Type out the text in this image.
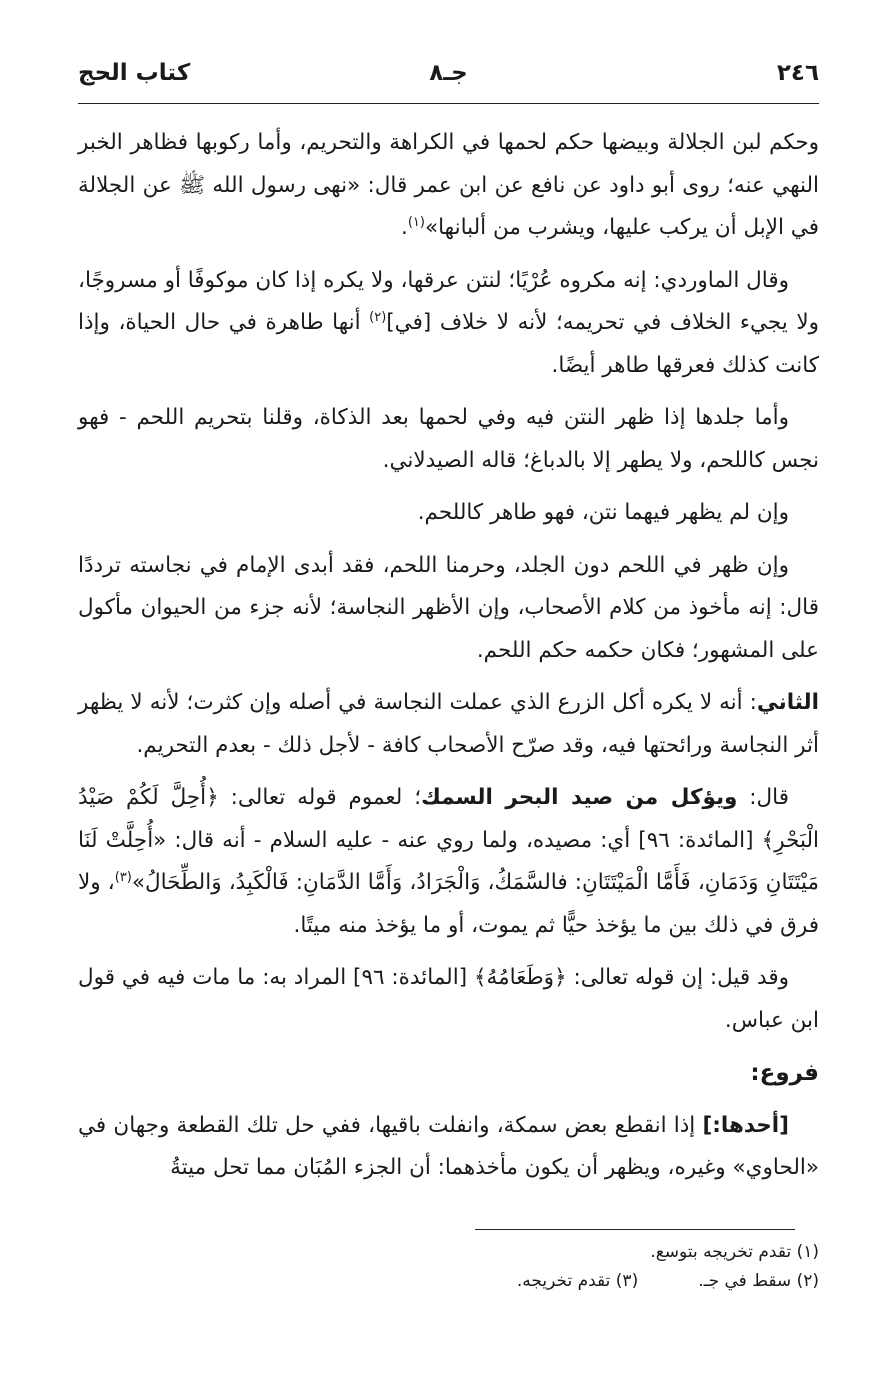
٢٤٦
جـ٨
كتاب الحج

وحكم لبن الجلالة وبيضها حكم لحمها في الكراهة والتحريم، وأما ركوبها فظاهر الخبر النهي عنه؛ روى أبو داود عن نافع عن ابن عمر قال: «نهى رسول الله ﷺ عن الجلالة في الإبل أن يركب عليها، ويشرب من ألبانها»$^{(١)}$.

وقال الماوردي: إنه مكروه عُرْيًا؛ لنتن عرقها، ولا يكره إذا كان موكوفًا أو مسروجًا، ولا يجيء الخلاف في تحريمه؛ لأنه لا خلاف [في]$^{(٢)}$ أنها طاهرة في حال الحياة، وإذا كانت كذلك فعرقها طاهر أيضًا.

وأما جلدها إذا ظهر النتن فيه وفي لحمها بعد الذكاة، وقلنا بتحريم اللحم - فهو نجس كاللحم، ولا يطهر إلا بالدباغ؛ قاله الصيدلاني.

وإن لم يظهر فيهما نتن، فهو طاهر كاللحم.

وإن ظهر في اللحم دون الجلد، وحرمنا اللحم، فقد أبدى الإمام في نجاسته ترددًا قال: إنه مأخوذ من كلام الأصحاب، وإن الأظهر النجاسة؛ لأنه جزء من الحيوان مأكول على المشهور؛ فكان حكمه حكم اللحم.

الثاني: أنه لا يكره أكل الزرع الذي عملت النجاسة في أصله وإن كثرت؛ لأنه لا يظهر أثر النجاسة ورائحتها فيه، وقد صرّح الأصحاب كافة - لأجل ذلك - بعدم التحريم.

قال: ويؤكل من صيد البحر السمك؛ لعموم قوله تعالى: ﴿أُحِلَّ لَكُمْ صَيْدُ الْبَحْرِ﴾ [المائدة: ٩٦] أي: مصيده، ولما روي عنه - عليه السلام - أنه قال: «أُحِلَّتْ لَنَا مَيْتَتَانِ وَدَمَانِ، فَأَمَّا الْمَيْتَتَانِ: فالسَّمَكُ، وَالْجَرَادُ، وَأَمَّا الدَّمَانِ: فَالْكَبِدُ، وَالطِّحَالُ»$^{(٣)}$، ولا فرق في ذلك بين ما يؤخذ حيًّا ثم يموت، أو ما يؤخذ منه ميتًا.

وقد قيل: إن قوله تعالى: ﴿وَطَعَامُهُ﴾ [المائدة: ٩٦] المراد به: ما مات فيه في قول ابن عباس.

فروع:

[أحدها:] إذا انقطع بعض سمكة، وانفلت باقيها، ففي حل تلك القطعة وجهان في «الحاوي» وغيره، ويظهر أن يكون مأخذهما: أن الجزء المُبَان مما تحل ميتةُ

(١) تقدم تخريجه بتوسع.
(٢) سقط في جـ.(٣) تقدم تخريجه.
